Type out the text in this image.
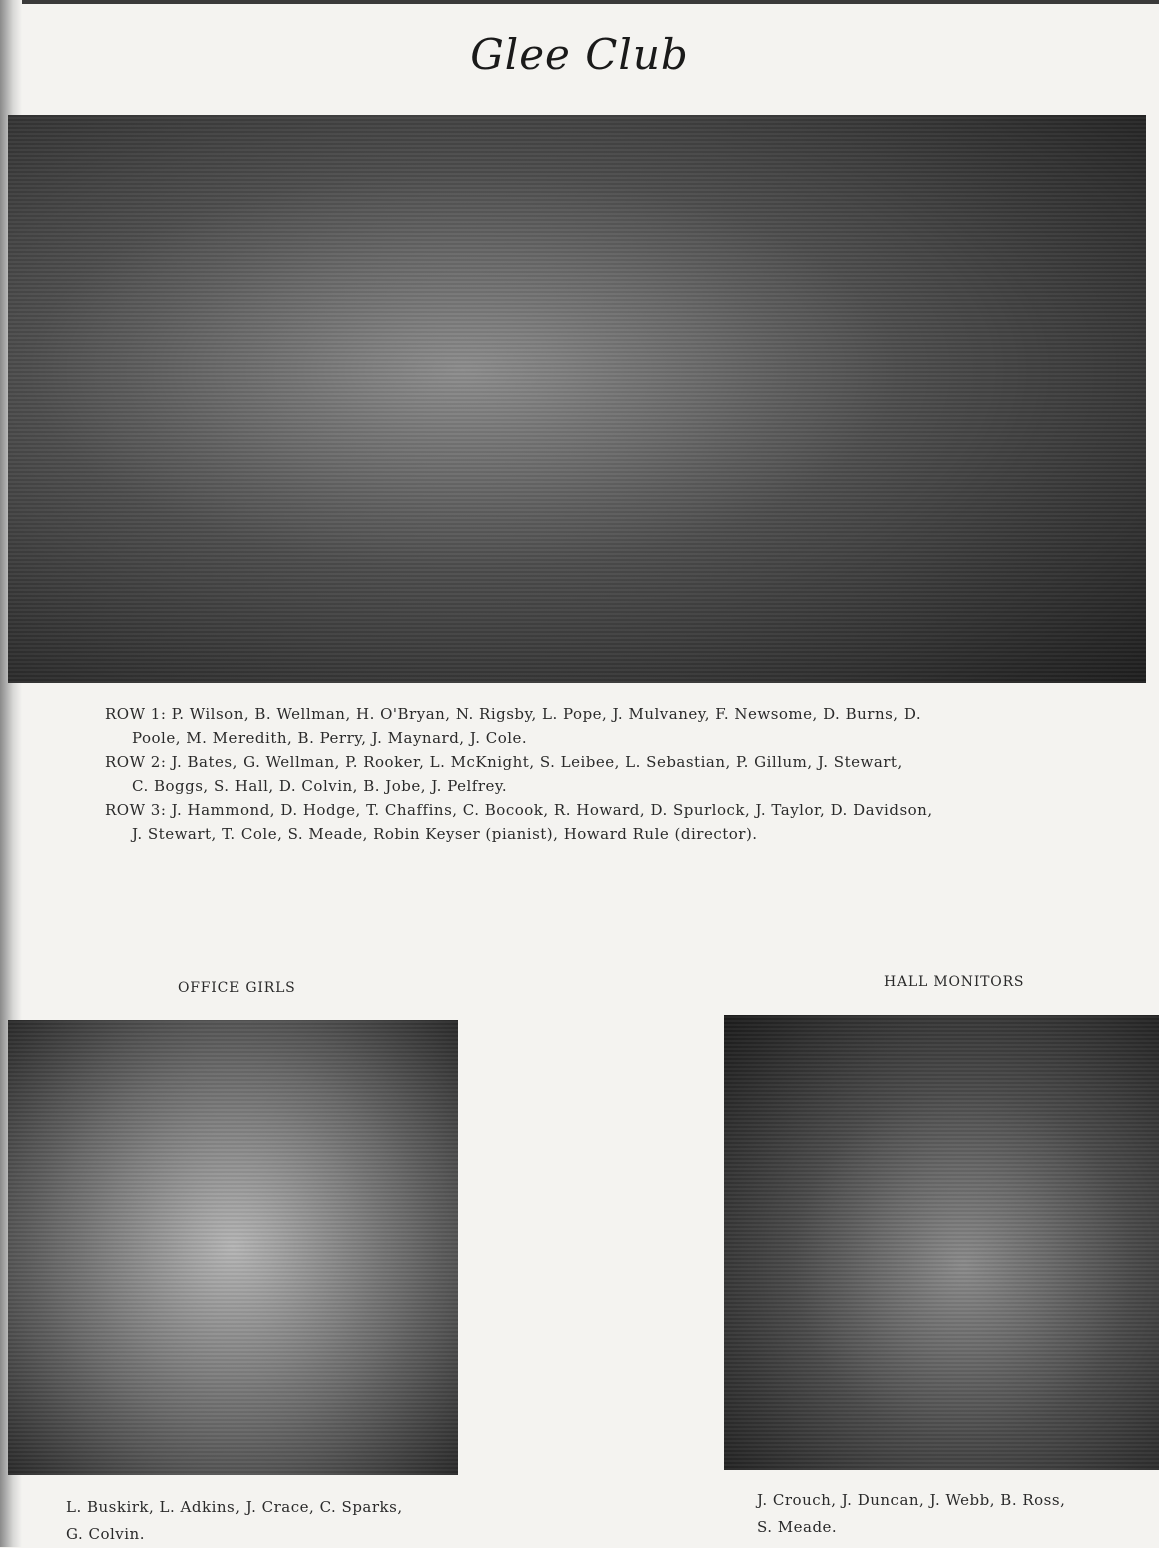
Glee Club
ROW 1: P. Wilson, B. Wellman, H. O'Bryan, N. Rigsby, L. Pope, J. Mulvaney, F. Newsome, D. Burns, D.
Poole, M. Meredith, B. Perry, J. Maynard, J. Cole.
ROW 2: J. Bates, G. Wellman, P. Rooker, L. McKnight, S. Leibee, L. Sebastian, P. Gillum, J. Stewart,
C. Boggs, S. Hall, D. Colvin, B. Jobe, J. Pelfrey.
ROW 3: J. Hammond, D. Hodge, T. Chaffins, C. Bocook, R. Howard, D. Spurlock, J. Taylor, D. Davidson,
J. Stewart, T. Cole, S. Meade, Robin Keyser (pianist), Howard Rule (director).
OFFICE GIRLS	HALL MONITORS
L. Buskirk, L. Adkins, J. Crace, C. Sparks,
G. Colvin.
J. Crouch, J. Duncan, J. Webb, B. Ross,
S. Meade.
